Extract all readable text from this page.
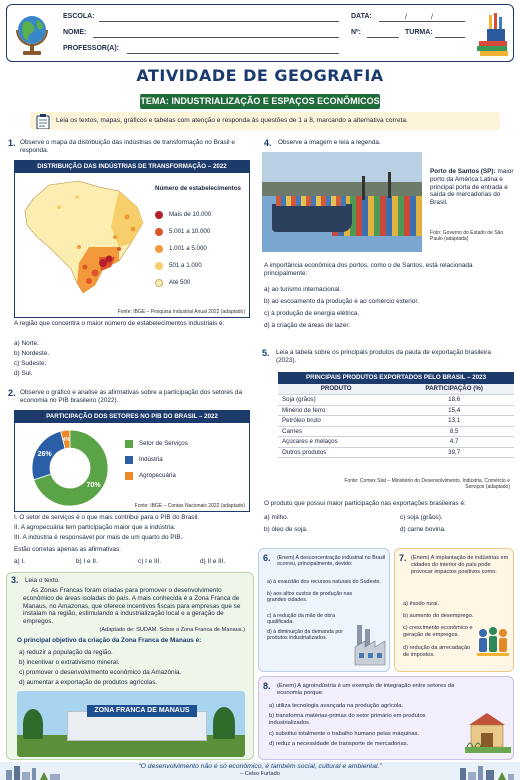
ESCOLA:
NOME:
PROFESSOR(A):
DATA:	/	/
Nº:	TURMA:
ATIVIDADE DE GEOGRAFIA
TEMA: INDUSTRIALIZAÇÃO E ESPAÇOS ECONÔMICOS
Leia os textos, mapas, gráficos e tabelas com atenção e responda às questões de 1 a 8, marcando a alternativa correta.
1. Observe o mapa da distribuição das indústrias de transformação no Brasil e responda.
DISTRIBUIÇÃO DAS INDÚSTRIAS DE TRANSFORMAÇÃO – 2022
Número de estabelecimentos
Mais de 10.000
5.001 a 10.000
1.001 a 5.000
501 a 1.000
Até 500
Fonte: IBGE – Pesquisa Industrial Anual 2022 (adaptado)
A região que concentra o maior número de estabelecimentos industriais é:
a) Norte.
b) Nordeste.
c) Sudeste.
d) Sul.
2. Observe o gráfico e analise as afirmativas sobre a participação dos setores da economia no PIB brasileiro (2022).
PARTICIPAÇÃO DOS SETORES NO PIB DO BRASIL – 2022
4%
70%
26%
Setor de Serviços
Indústria
Agropecuária
Fonte: IBGE – Contas Nacionais 2022 (adaptado)
I. O setor de serviços é o que mais contribui para o PIB do Brasil.
II. A agropecuária tem participação maior que a indústria.
III. A indústria é responsável por mais de um quarto do PIB.
Estão corretas apenas as afirmativas:
a) I.	b) I e II.	c) I e III.	d) II e III.
3. Leia o texto.
As Zonas Francas foram criadas para promover o desenvolvimento econômico de áreas isoladas do país. A mais conhecida é a Zona Franca de Manaus, no Amazonas, que oferece incentivos fiscais para empresas que se instalam na região, estimulando a industrialização local e a geração de empregos.
(Adaptado de: SUDAM. Sobre a Zona Franca de Manaus.)
O principal objetivo da criação da Zona Franca de Manaus é:
a) reduzir a população da região.
b) incentivar o extrativismo mineral.
c) promover o desenvolvimento econômico da Amazônia.
d) aumentar a exportação de produtos agrícolas.
ZONA FRANCA DE MANAUS
4. Observe a imagem e leia a legenda.
Porto de Santos (SP): maior porto da América Latina e principal porta de entrada e saída de mercadorias do Brasil.
Foto: Governo do Estado de São Paulo (adaptada)
A importância econômica dos portos, como o de Santos, está relacionada principalmente:
a) ao turismo internacional.
b) ao escoamento da produção e ao comércio exterior.
c) à produção de energia elétrica.
d) à criação de áreas de lazer.
5. Leia a tabela sobre os principais produtos da pauta de exportação brasileira (2023).
PRINCIPAIS PRODUTOS EXPORTADOS PELO BRASIL – 2023
PRODUTO	PARTICIPAÇÃO (%)
Soja (grãos)	18,6
Minério de ferro	15,4
Petróleo bruto	13,1
Carnes	8,5
Açúcares e melaços	4,7
Outros produtos	39,7
Fonte: Comex Stat – Ministério do Desenvolvimento, Indústria, Comércio e Serviços (adaptado)
O produto que possui maior participação nas exportações brasileiras é:
a) milho.
b) óleo de soja.
c) soja (grãos).
d) carne bovina.
6. (Enem) A desconcentração industrial no Brasil ocorreu, principalmente, devido:
a) à exaustão dos recursos naturais do Sudeste.
b) aos altos custos de produção nas grandes cidades.
c) à redução da mão de obra qualificada.
d) à diminuição da demanda por produtos industrializados.
7. (Enem) A implantação de indústrias em cidades do interior do país pode provocar impactos positivos como:
a) êxodo rural.
b) aumento do desemprego.
c) crescimento econômico e geração de empregos.
d) redução da arrecadação de impostos.
8. (Enem) A agroindústria é um exemplo de integração entre setores da economia porque:
a) utiliza tecnologia avançada na produção agrícola.
b) transforma matérias-primas do setor primário em produtos industrializados.
c) substitui totalmente o trabalho humano pelas máquinas.
d) reduz a necessidade de transporte de mercadorias.
“O desenvolvimento não é só econômico, é também social, cultural e ambiental.”
– Celso Furtado
